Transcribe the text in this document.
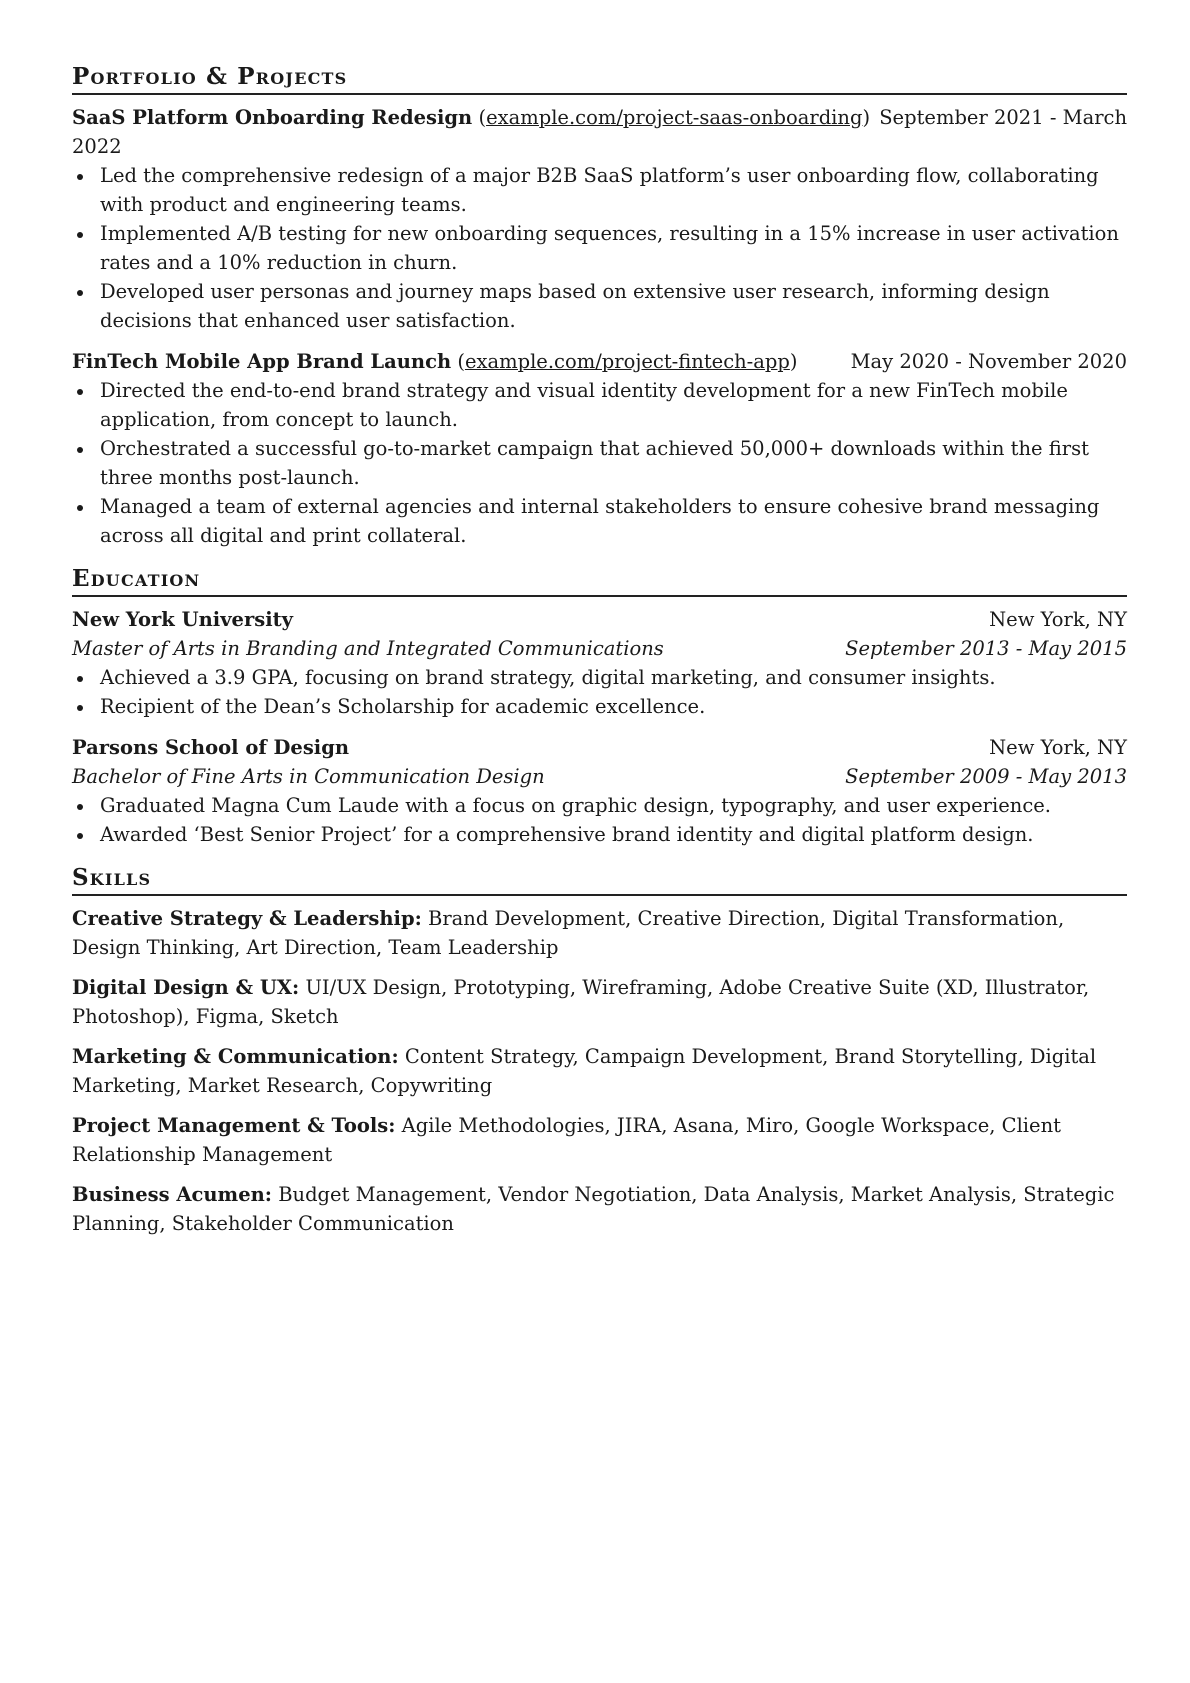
Portfolio & Projects
SaaS Platform Onboarding Redesign (example.com/project-saas-onboarding) September 2021 - March
2022
Led the comprehensive redesign of a major B2B SaaS platform’s user onboarding flow, collaborating with product and engineering teams.
Implemented A/B testing for new onboarding sequences, resulting in a 15% increase in user activation rates and a 10% reduction in churn.
Developed user personas and journey maps based on extensive user research, informing design decisions that enhanced user satisfaction.
FinTech Mobile App Brand Launch (example.com/project-fintech-app)	May 2020 - November 2020
Directed the end-to-end brand strategy and visual identity development for a new FinTech mobile application, from concept to launch.
Orchestrated a successful go-to-market campaign that achieved 50,000+ downloads within the first three months post-launch.
Managed a team of external agencies and internal stakeholders to ensure cohesive brand messaging across all digital and print collateral.
Education
New York University	New York, NY
Master of Arts in Branding and Integrated Communications	September 2013 - May 2015
Achieved a 3.9 GPA, focusing on brand strategy, digital marketing, and consumer insights.
Recipient of the Dean’s Scholarship for academic excellence.
Parsons School of Design	New York, NY
Bachelor of Fine Arts in Communication Design	September 2009 - May 2013
Graduated Magna Cum Laude with a focus on graphic design, typography, and user experience.
Awarded ‘Best Senior Project’ for a comprehensive brand identity and digital platform design.
Skills
Creative Strategy & Leadership: Brand Development, Creative Direction, Digital Transformation, Design Thinking, Art Direction, Team Leadership
Digital Design & UX: UI/UX Design, Prototyping, Wireframing, Adobe Creative Suite (XD, Illustrator, Photoshop), Figma, Sketch
Marketing & Communication: Content Strategy, Campaign Development, Brand Storytelling, Digital Marketing, Market Research, Copywriting
Project Management & Tools: Agile Methodologies, JIRA, Asana, Miro, Google Workspace, Client Relationship Management
Business Acumen: Budget Management, Vendor Negotiation, Data Analysis, Market Analysis, Strategic Planning, Stakeholder Communication
